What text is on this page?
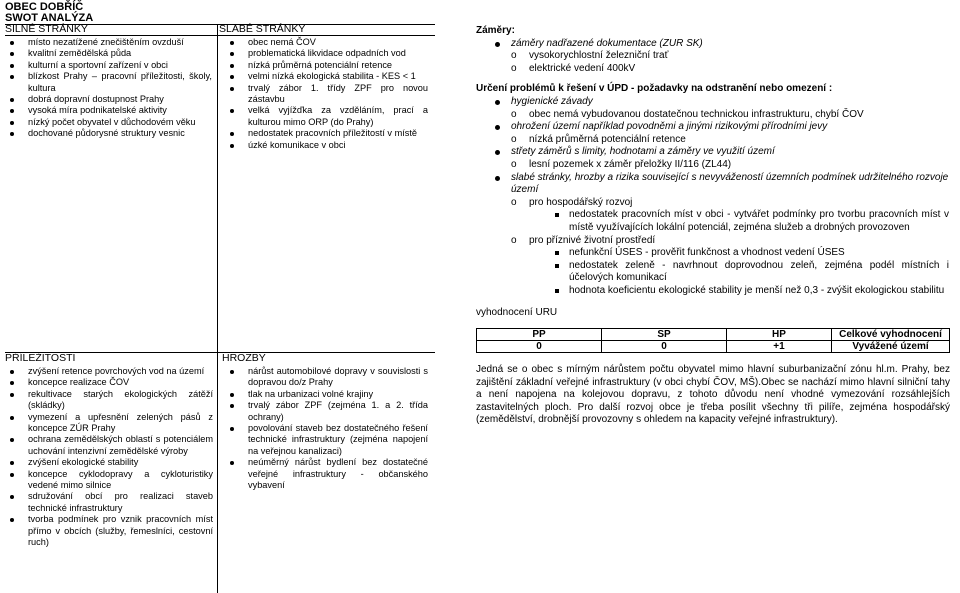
OBEC DOBŘÍČ
SWOT ANALÝZA
SILNÉ STRÁNKY
místo nezatížené znečištěním ovzduší
kvalitní zemědělská půda
kulturní a sportovní zařízení v obci
blízkost Prahy – pracovní příležitosti, školy, kultura
dobrá dopravní dostupnost Prahy
vysoká míra podnikatelské aktivity
nízký počet obyvatel v důchodovém věku
dochované půdorysné struktury vesnic
SLABÉ STRÁNKY
obec nemá ČOV
problematická likvidace odpadních vod
nízká průměrná potenciální retence
velmi nízká ekologická stabilita - KES < 1
trvalý zábor 1. třídy ZPF pro novou zástavbu
velká vyjížďka za vzděláním, prací a kulturou mimo ORP (do Prahy)
nedostatek pracovních příležitostí v místě
úzké komunikace v obci
PŘÍLEŽITOSTI
zvýšení retence povrchových vod na území
koncepce realizace ČOV
rekultivace starých ekologických zátěží (skládky)
vymezení a upřesnění zelených pásů z koncepce ZÚR Prahy
ochrana zemědělských oblastí s potenciálem uchování intenzivní zemědělské výroby
zvýšení ekologické stability
koncepce cyklodopravy a cykloturistiky vedené mimo silnice
sdružování obcí pro realizaci staveb technické infrastruktury
tvorba podmínek pro vznik pracovních míst přímo v obcích (služby, řemeslníci, cestovní ruch)
HROZBY
nárůst automobilové dopravy v souvislosti s dopravou do/z Prahy
tlak na urbanizaci volné krajiny
trvalý zábor ZPF (zejména 1. a 2. třída ochrany)
povolování staveb bez dostatečného řešení technické infrastruktury (zejména napojení na veřejnou kanalizaci)
neúměrný nárůst bydlení bez dostatečné veřejné infrastruktury - občanského vybavení
Záměry:
záměry nadřazené dokumentace (ZUR SK)
o vysokorychlostní železniční trať
o elektrické vedení 400kV
Určení problémů k řešení v ÚPD - požadavky na odstranění nebo omezení :
hygienické závady
o obec nemá vybudovanou dostatečnou technickou infrastrukturu, chybí ČOV
ohrožení území například povodněmi a jinými rizikovými přírodními jevy
o nízká průměrná potenciální retence
střety záměrů s limity, hodnotami a záměry ve využití území
o lesní pozemek x záměr přeložky II/116 (ZL44)
slabé stránky, hrozby a rizika související s nevyvážeností územních podmínek udržitelného rozvoje území
o pro hospodářský rozvoj
nedostatek pracovních míst v obci - vytvářet podmínky pro tvorbu pracovních míst v místě využívajících lokální potenciál, zejména služeb a drobných provozoven
o pro příznivé životní prostředí
nefunkční ÚSES - prověřit funkčnost a vhodnost vedení ÚSES
nedostatek zeleně - navrhnout doprovodnou zeleň, zejména podél místních i účelových komunikací
hodnota koeficientu ekologické stability je menší než 0,3 - zvýšit ekologickou stabilitu
vyhodnocení URU
PP	SP	HP	Celkové vyhodnocení
0	0	+1	Vyvážené území
Jedná se o obec s mírným nárůstem počtu obyvatel mimo hlavní suburbanizační zónu hl.m. Prahy, bez zajištění základní veřejné infrastruktury (v obci chybí ČOV, MŠ).Obec se nachází mimo hlavní silniční tahy a není napojena na kolejovou dopravu, z tohoto důvodu není vhodné vymezování rozsáhlejších zastavitelných ploch. Pro další rozvoj obce je třeba posílit všechny tři pilíře, zejména hospodářský (zemědělství, drobnější provozovny s ohledem na kapacity veřejné infrastruktury).
